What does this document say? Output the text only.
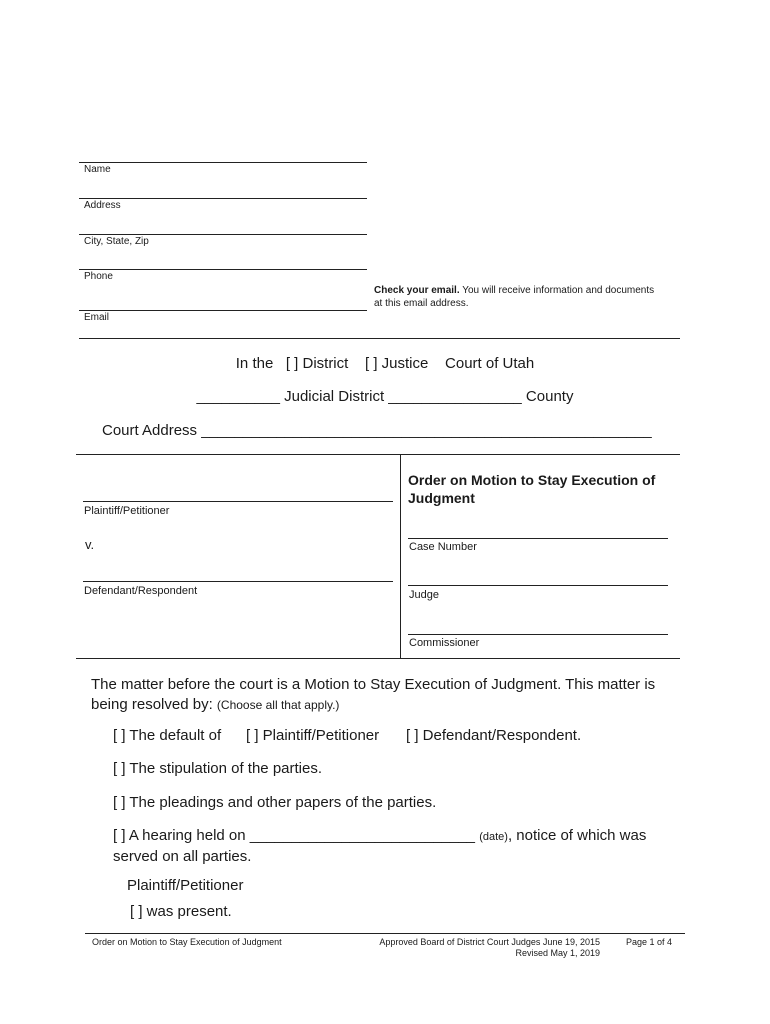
Name
Address
City, State, Zip
Phone
Check your email. You will receive information and documents at this email address.
Email
In the [ ] District [ ] Justice Court of Utah
__________ Judicial District ________________ County
Court Address ______________________________________________________
Plaintiff/Petitioner
v.
Defendant/Respondent
Order on Motion to Stay Execution of Judgment
Case Number
Judge
Commissioner
The matter before the court is a Motion to Stay Execution of Judgment. This matter is being resolved by: (Choose all that apply.)
[ ] The default of [ ] Plaintiff/Petitioner [ ] Defendant/Respondent.
[ ] The stipulation of the parties.
[ ] The pleadings and other papers of the parties.
[ ] A hearing held on ___________________________ (date), notice of which was served on all parties.
Plaintiff/Petitioner
[ ] was present.
Order on Motion to Stay Execution of Judgment	Approved Board of District Court Judges June 19, 2015
Revised May 1, 2019
Page 1 of 4
